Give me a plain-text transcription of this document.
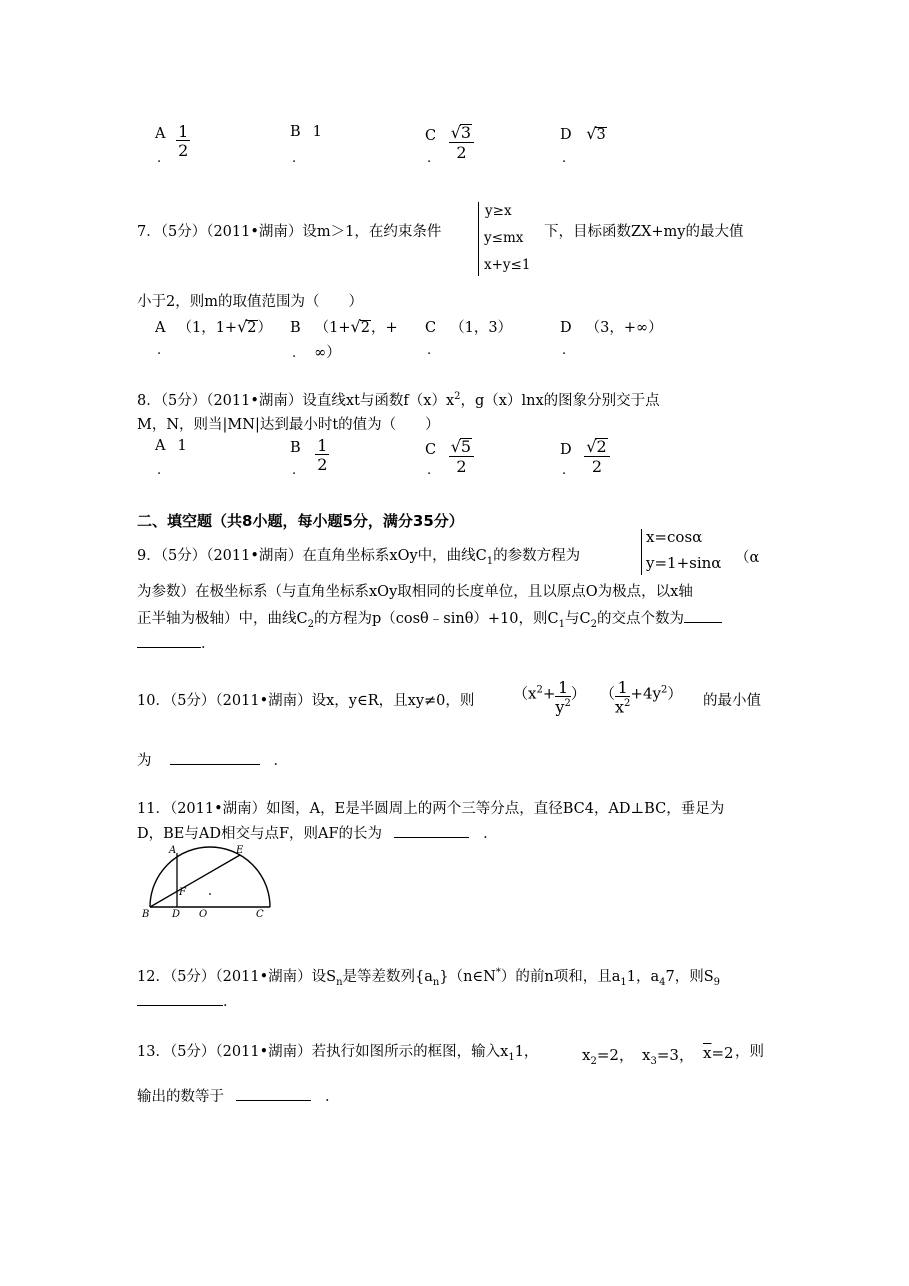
A $\frac{1}{2}$
.
B 1
.
C $\frac{√3}{2}$
.
D √3
.
7．（5分）（2011•湖南）设m＞1，在约束条件
y≥x
y≤mx
x+y≤1
下，目标函数ZX+my的最大值
小于2，则m的取值范围为（　　）
A （1，1+√2）
.
B （1+√2，+
. ∞）
C （1，3）
.
D （3，+∞）
.
8．（5分）（2011•湖南）设直线xt与函数$f(x)x^2$，g（x）lnx的图象分别交于点
M，N，则当|MN|达到最小时t的值为（　　）
A 1
.
B $\frac{1}{2}$
.
C $\frac{√5}{2}$
.
D $\frac{√2}{2}$
.
二、填空题（共8小题，每小题5分，满分35分）
9．（5分）（2011•湖南）在直角坐标系xOy中，曲线$C_1$的参数方程为
x=cosα
y=1+sinα （α
为参数）在极坐标系（与直角坐标系xOy取相同的长度单位，且以原点O为极点，以x轴
正半轴为极轴）中，曲线$C_2$的方程为p（cosθ﹣sinθ）+10，则$C_1$与$C_2$的交点个数为
．
10．（5分）（2011•湖南）设x，y∈R，且xy≠0，则	（$x^2+ \frac{1}{y^2}$ ） （ $\frac{1}{x^2} +4y^2$） 的最小值
为	．
11．（2011•湖南）如图，A，E是半圆周上的两个三等分点，直径BC4，AD⊥BC，垂足为
D，BE与AD相交与点F，则AF的长为	．
A	E
F
B D O	C
12．（5分）（2011•湖南）设$S_n$是等差数列$\{a_n\}(n\in N^*)$的前n项和，且$a_11$，$a_47$，则$S_9$
．
13．（5分）（2011•湖南）若执行如图所示的框图，输入$x_11$，	$x_2=2$， $x_3=3$， $\overline{x}=2$ ，则
输出的数等于	．
